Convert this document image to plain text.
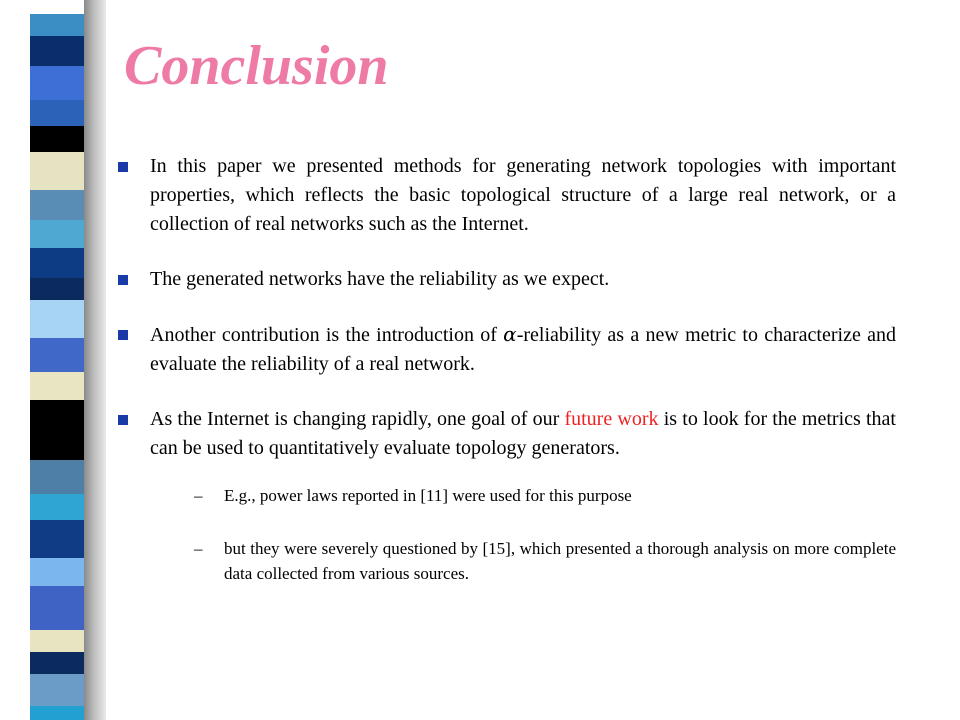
Conclusion
In this paper we presented methods for generating network topologies with important properties, which reflects the basic topological structure of a large real network, or a collection of real networks such as the Internet.
The generated networks have the reliability as we expect.
Another contribution is the introduction of α-reliability as a new metric to characterize and evaluate the reliability of a real network.
As the Internet is changing rapidly, one goal of our future work is to look for the metrics that can be used to quantitatively evaluate topology generators.
– E.g., power laws reported in [11] were used for this purpose
– but they were severely questioned by [15], which presented a thorough analysis on more complete data collected from various sources.
